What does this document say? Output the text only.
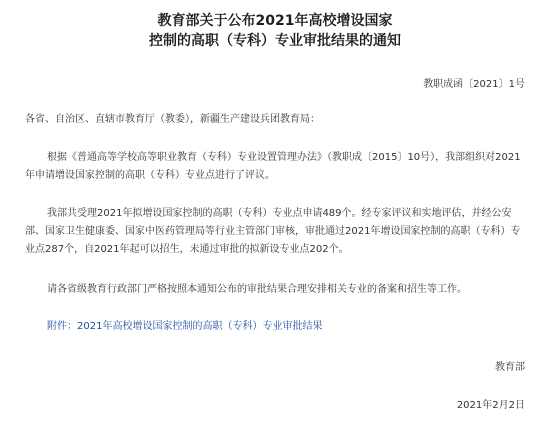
教育部关于公布2021年高校增设国家
控制的高职（专科）专业审批结果的通知
教职成函〔2021〕1号
各省、自治区、直辖市教育厅（教委），新疆生产建设兵团教育局：
根据《普通高等学校高等职业教育（专科）专业设置管理办法》（教职成〔2015〕10号），我部组织对2021年申请增设国家控制的高职（专科）专业点进行了评议。
我部共受理2021年拟增设国家控制的高职（专科）专业点申请489个。经专家评议和实地评估，并经公安部、国家卫生健康委、国家中医药管理局等行业主管部门审核，审批通过2021年增设国家控制的高职（专科）专业点287个，自2021年起可以招生，未通过审批的拟新设专业点202个。
请各省级教育行政部门严格按照本通知公布的审批结果合理安排相关专业的备案和招生等工作。
附件：2021年高校增设国家控制的高职（专科）专业审批结果
教育部
2021年2月2日
